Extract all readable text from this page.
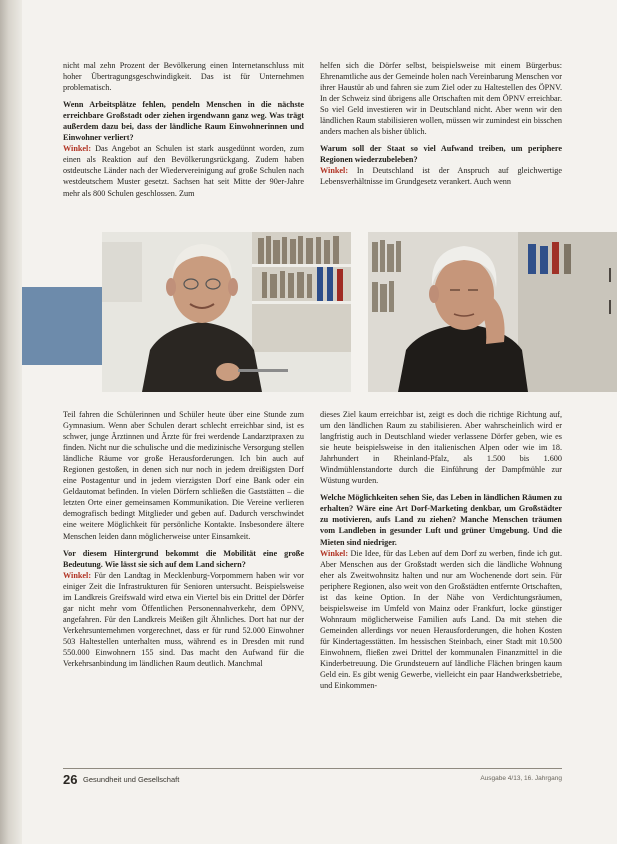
nicht mal zehn Prozent der Bevölkerung einen Internetanschluss mit hoher Übertragungsgeschwindigkeit. Das ist für Unternehmen problematisch.

Wenn Arbeitsplätze fehlen, pendeln Menschen in die nächste erreichbare Großstadt oder ziehen irgendwann ganz weg. Was trägt außerdem dazu bei, dass der ländliche Raum Einwohnerinnen und Einwohner verliert?

Winkel: Das Angebot an Schulen ist stark ausgedünnt worden, zum einen als Reaktion auf den Bevölkerungsrückgang. Zudem haben ostdeutsche Länder nach der Wiedervereinigung auf große Schulen nach westdeutschem Muster gesetzt. Sachsen hat seit Mitte der 90er-Jahre mehr als 800 Schulen geschlossen. Zum

helfen sich die Dörfer selbst, beispielsweise mit einem Bürgerbus: Ehrenamtliche aus der Gemeinde holen nach Vereinbarung Menschen vor ihrer Haustür ab und fahren sie zum Ziel oder zu Haltestellen des ÖPNV. In der Schweiz sind übrigens alle Ortschaften mit dem ÖPNV erreichbar. So viel Geld investieren wir in Deutschland nicht. Aber wenn wir den ländlichen Raum stabilisieren wollen, müssen wir zumindest ein bisschen anders machen als bisher üblich.

Warum soll der Staat so viel Aufwand treiben, um periphere Regionen wiederzubeleben?

Winkel: In Deutschland ist der Anspruch auf gleichwertige Lebensverhältnisse im Grundgesetz verankert. Auch wenn

Teil fahren die Schülerinnen und Schüler heute über eine Stunde zum Gymnasium. Wenn aber Schulen derart schlecht erreichbar sind, ist es schwer, junge Ärztinnen und Ärzte für frei werdende Landarztpraxen zu finden. Nicht nur die schulische und die medizinische Versorgung stellen ländliche Räume vor große Herausforderungen. Ich bin auch auf Regionen gestoßen, in denen sich nur noch in jedem dreißigsten Dorf eine Postagentur und in jedem vierzigsten Dorf eine Bank oder ein Geldautomat befinden. In vielen Dörfern schließen die Gaststätten – die letzten Orte einer gemeinsamen Kommunikation. Die Vereine verlieren demografisch bedingt Mitglieder und geben auf. Dadurch verschwindet eine weitere Möglichkeit für persönliche Kontakte. Insbesondere ältere Menschen leiden dann möglicherweise unter Einsamkeit.

Vor diesem Hintergrund bekommt die Mobilität eine große Bedeutung. Wie lässt sie sich auf dem Land sichern?

Winkel: Für den Landtag in Mecklenburg-Vorpommern haben wir vor einiger Zeit die Infrastrukturen für Senioren untersucht. Beispielsweise im Landkreis Greifswald wird etwa ein Viertel bis ein Drittel der Dörfer gar nicht mehr vom Öffentlichen Personennahverkehr, dem ÖPNV, angefahren. Für den Landkreis Meißen gilt Ähnliches. Dort hat nur der Verkehrsunternehmen vorgerechnet, dass er für rund 52.000 Einwohner 503 Haltestellen unterhalten muss, während es in Dresden mit rund 550.000 Einwohnern 155 sind. Das macht den Aufwand für die Verkehrsanbindung im ländlichen Raum deutlich. Manchmal

dieses Ziel kaum erreichbar ist, zeigt es doch die richtige Richtung auf, um den ländlichen Raum zu stabilisieren. Aber wahrscheinlich wird er langfristig auch in Deutschland wieder verlassene Dörfer geben, wie es sie heute beispielsweise in den italienischen Alpen oder wie im 18. Jahrhundert in Rheinland-Pfalz, als 1.500 bis 1.600 Windmühlenstandorte durch die Einführung der Dampfmühle zur Wüstung wurden.

Welche Möglichkeiten sehen Sie, das Leben in ländlichen Räumen zu erhalten? Wäre eine Art Dorf-Marketing denkbar, um Großstädter zu motivieren, aufs Land zu ziehen? Manche Menschen träumen vom Landleben in gesunder Luft und grüner Umgebung. Und die Mieten sind niedriger.

Winkel: Die Idee, für das Leben auf dem Dorf zu werben, finde ich gut. Aber Menschen aus der Großstadt werden sich die ländliche Wohnung eher als Zweitwohnsitz halten und nur am Wochenende dort sein. Für periphere Regionen, also weit von den Großstädten entfernte Ortschaften, ist das keine Option. In der Nähe von Verdichtungsräumen, beispielsweise im Umfeld von Mainz oder Frankfurt, locke günstiger Wohnraum möglicherweise Familien aufs Land. Da mit stehen die Gemeinden allerdings vor neuen Herausforderungen, die hohen Kosten für Kindertagesstätten. Im hessischen Steinbach, einer Stadt mit 10.500 Einwohnern, fließen zwei Drittel der kommunalen Finanzmittel in die Kinderbetreuung. Die Grundsteuern auf ländliche Flächen bringen kaum Geld ein. Es gibt wenig Gewerbe, vielleicht ein paar Handwerksbetriebe, und Einkommen-

26 Gesundheit und Gesellschaft	Ausgabe 4/13, 16. Jahrgang
